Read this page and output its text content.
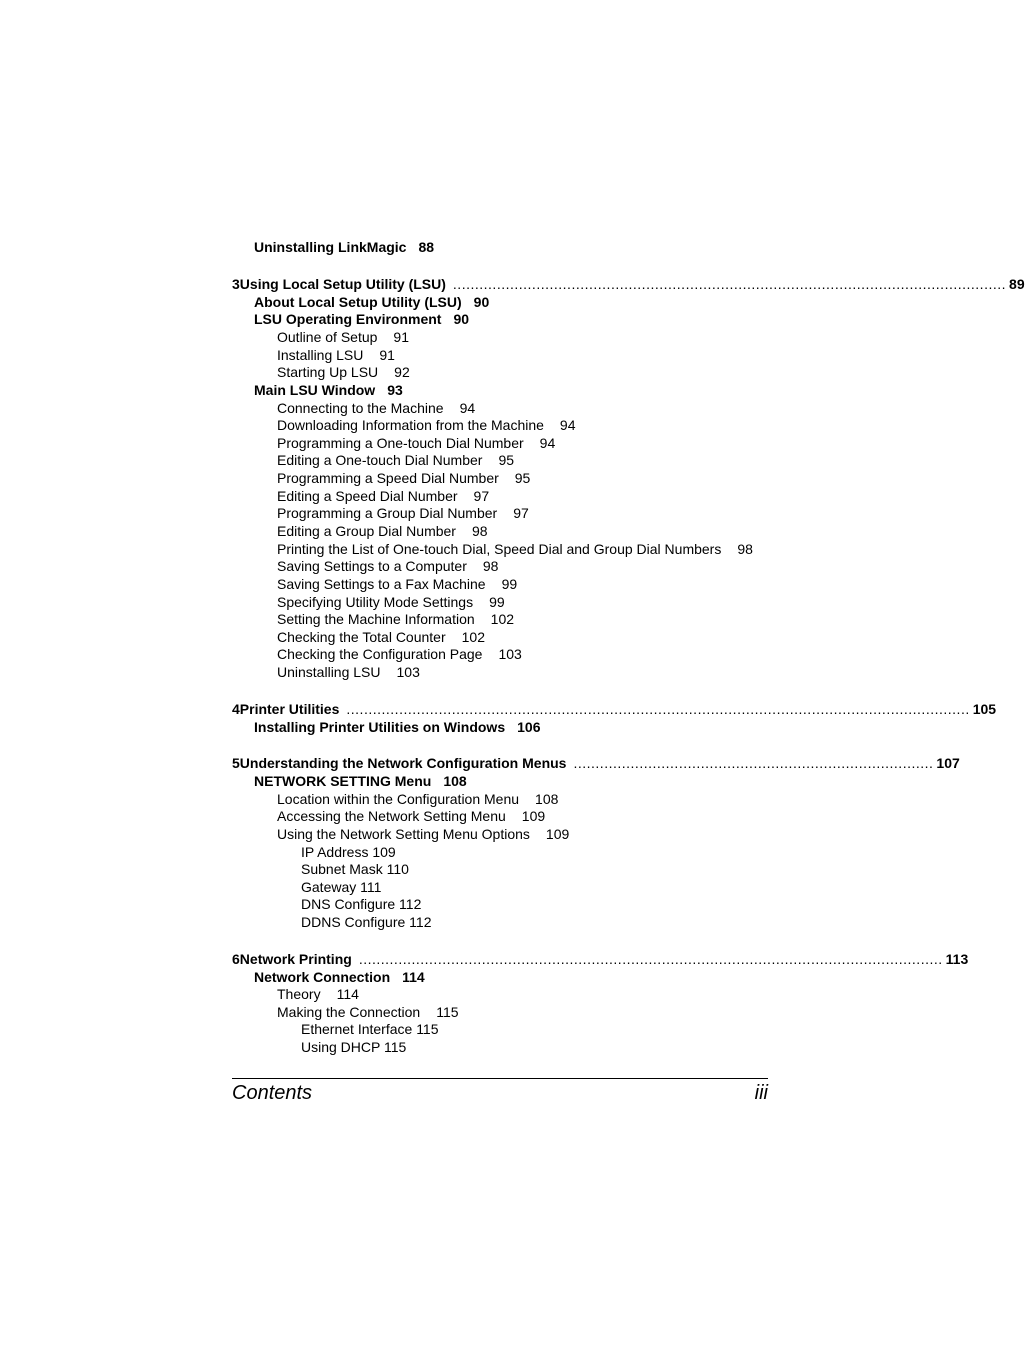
Uninstalling LinkMagic 88
3 Using Local Setup Utility (LSU) .............................................................................................................................. 89
About Local Setup Utility (LSU) 90
LSU Operating Environment 90
Outline of Setup 91
Installing LSU 91
Starting Up LSU 92
Main LSU Window 93
Connecting to the Machine 94
Downloading Information from the Machine 94
Programming a One-touch Dial Number 94
Editing a One-touch Dial Number 95
Programming a Speed Dial Number 95
Editing a Speed Dial Number 97
Programming a Group Dial Number 97
Editing a Group Dial Number 98
Printing the List of One-touch Dial, Speed Dial and Group Dial Numbers 98
Saving Settings to a Computer 98
Saving Settings to a Fax Machine 99
Specifying Utility Mode Settings 99
Setting the Machine Information 102
Checking the Total Counter 102
Checking the Configuration Page 103
Uninstalling LSU 103
4 Printer Utilities .............................................................................................................................................. 105
Installing Printer Utilities on Windows 106
5 Understanding the Network Configuration Menus .................................................................................. 107
NETWORK SETTING Menu 108
Location within the Configuration Menu 108
Accessing the Network Setting Menu 109
Using the Network Setting Menu Options 109
IP Address 109
Subnet Mask 110
Gateway 111
DNS Configure 112
DDNS Configure 112
6 Network Printing ..................................................................................................................................... 113
Network Connection 114
Theory 114
Making the Connection 115
Ethernet Interface 115
Using DHCP 115
Contents	iii
